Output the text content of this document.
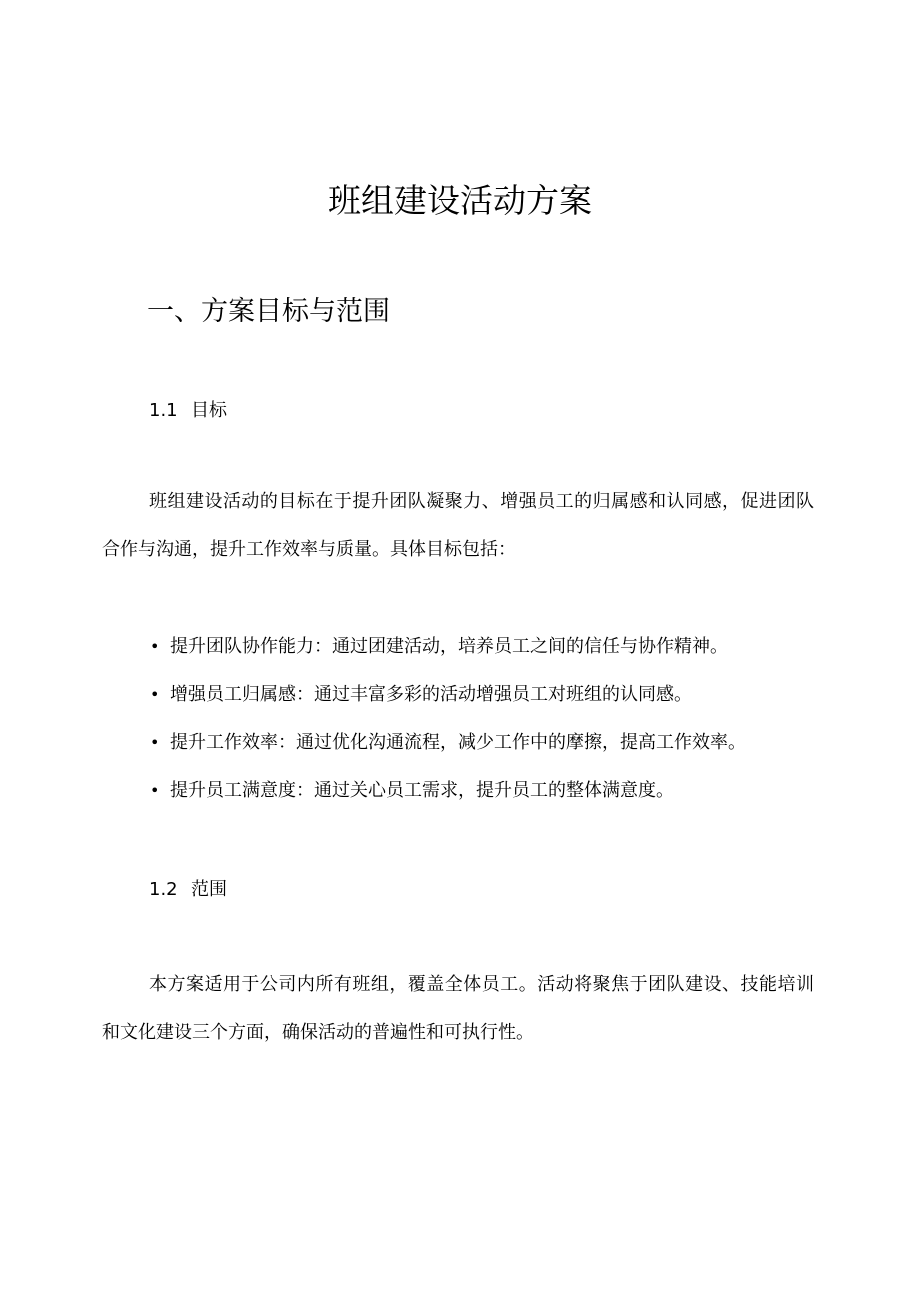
班组建设活动方案
一、方案目标与范围
1.1 目标

班组建设活动的目标在于提升团队凝聚力、增强员工的归属感和认同感，促进团队合作与沟通，提升工作效率与质量。具体目标包括：

• 提升团队协作能力：通过团建活动，培养员工之间的信任与协作精神。
• 增强员工归属感：通过丰富多彩的活动增强员工对班组的认同感。
• 提升工作效率：通过优化沟通流程，减少工作中的摩擦，提高工作效率。
• 提升员工满意度：通过关心员工需求，提升员工的整体满意度。
1.2 范围

本方案适用于公司内所有班组，覆盖全体员工。活动将聚焦于团队建设、技能培训和文化建设三个方面，确保活动的普遍性和可执行性。
